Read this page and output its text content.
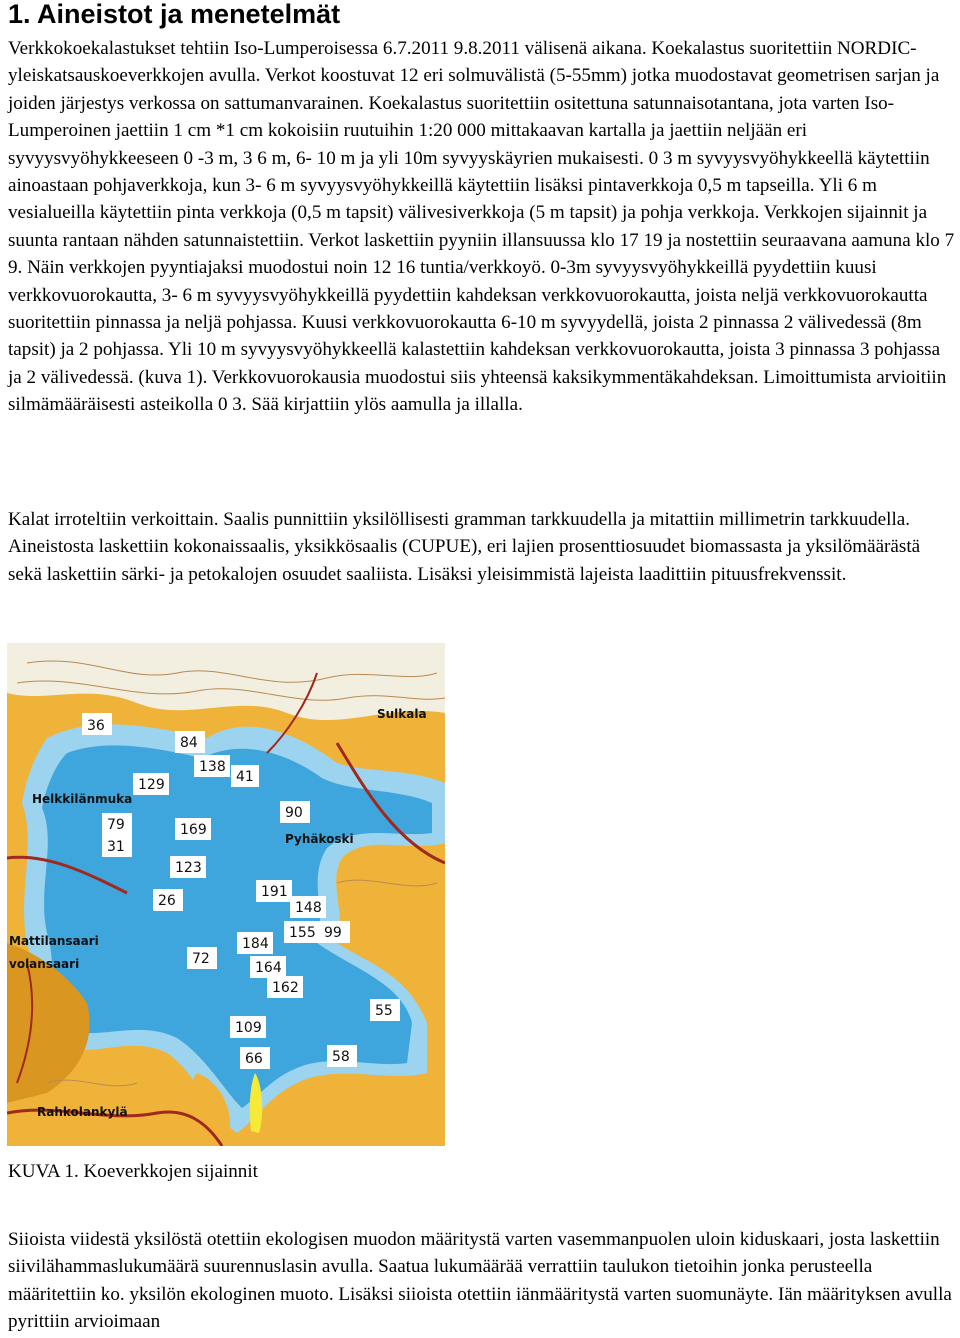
1. Aineistot ja menetelmät

Verkkokoekalastukset tehtiin Iso-Lumperoisessa 6.7.2011 9.8.2011 välisenä aikana. Koekalastus suoritettiin NORDIC-yleiskatsauskoeverkkojen avulla. Verkot koostuvat 12 eri solmuvälistä (5-55mm) jotka muodostavat geometrisen sarjan ja joiden järjestys verkossa on sattumanvarainen. Koekalastus suoritettiin ositettuna satunnaisotantana, jota varten Iso-Lumperoinen jaettiin 1 cm *1 cm kokoisiin ruutuihin 1:20 000 mittakaavan kartalla ja jaettiin neljään eri syvyysvyöhykkeeseen 0 -3 m, 3 6 m, 6- 10 m ja yli 10m syvyyskäyrien mukaisesti. 0 3 m syvyysvyöhykkeellä käytettiin ainoastaan pohjaverkkoja, kun 3- 6 m syvyysvyöhykkeillä käytettiin lisäksi pintaverkkoja 0,5 m tapseilla. Yli 6 m vesialueilla käytettiin pinta verkkoja (0,5 m tapsit) välivesiverkkoja (5 m tapsit) ja pohja verkkoja. Verkkojen sijainnit ja suunta rantaan nähden satunnaistettiin. Verkot laskettiin pyyniin illansuussa klo 17 19 ja nostettiin seuraavana aamuna klo 7 9. Näin verkkojen pyyntiajaksi muodostui noin 12 16 tuntia/verkkoyö. 0-3m syvyysvyöhykkeillä pyydettiin kuusi verkkovuorokautta, 3- 6 m syvyysvyöhykkeillä pyydettiin kahdeksan verkkovuorokautta, joista neljä verkkovuorokautta suoritettiin pinnassa ja neljä pohjassa. Kuusi verkkovuorokautta 6-10 m syvyydellä, joista 2 pinnassa 2 välivedessä (8m tapsit) ja 2 pohjassa. Yli 10 m syvyysvyöhykkeellä kalastettiin kahdeksan verkkovuorokautta, joista 3 pinnassa 3 pohjassa ja 2 välivedessä. (kuva 1). Verkkovuorokausia muodostui siis yhteensä kaksikymmentäkahdeksan. Limoittumista arvioitiin silmämääräisesti asteikolla 0 3. Sää kirjattiin ylös aamulla ja illalla.

Kalat irroteltiin verkoittain. Saalis punnittiin yksilöllisesti gramman tarkkuudella ja mitattiin millimetrin tarkkuudella. Aineistosta laskettiin kokonaissaalis, yksikkösaalis (CUPUE), eri lajien prosenttiosuudet biomassasta ja yksilömäärästä sekä laskettiin särki- ja petokalojen osuudet saaliista. Lisäksi yleisimmistä lajeista laadittiin pituusfrekvenssit.

Helkkilänmuka
Pyhäkoski
Sulkala
Rahkolankylä
Mattilansaari
volansaari
36
84
138
41
129
79
31
169
90
123
26
191
148
155 99
184
72
164
162
55
109
66	58

KUVA 1. Koeverkkojen sijainnit

Siioista viidestä yksilöstä otettiin ekologisen muodon määritystä varten vasemmanpuolen uloin kiduskaari, josta laskettiin siivilähammaslukumäärä suurennuslasin avulla. Saatua lukumäärää verrattiin taulukon tietoihin jonka perusteella määritettiin ko. yksilön ekologinen muoto. Lisäksi siioista otettiin iänmääritystä varten suomunäyte. Iän määrityksen avulla pyrittiin arvioimaan
